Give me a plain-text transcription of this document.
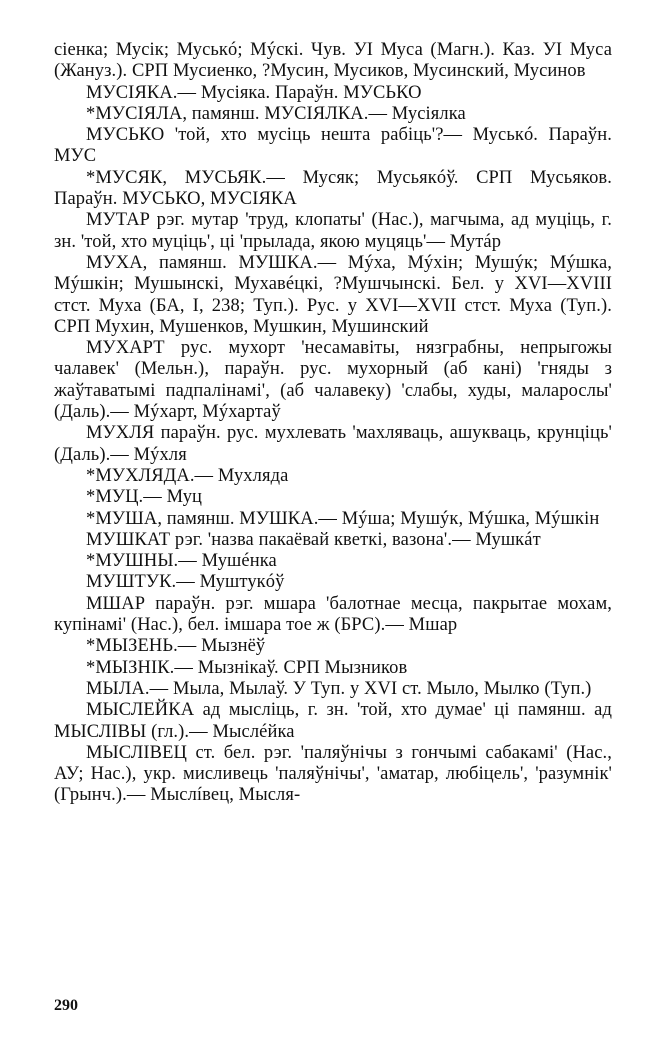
сіенка; Мусік; Муськó; Мýскі. Чув. УІ Муса (Магн.). Каз. УІ Муса (Жануз.). СРП Мусиенко, ?Мусин, Мусиков, Мусинский, Мусинов

МУСІЯКА.— Мусіяка. Параўн. МУСЬКО

*МУСІЯЛА, памянш. МУСІЯЛКА.— Мусіялка

МУСЬКО 'той, хто мусіць нешта рабіць'?— Муськó. Параўн. МУС

*МУСЯК, МУСЬЯК.— Мусяк; Мусьякóў. СРП Мусьяков. Параўн. МУСЬКО, МУСІЯКА

МУТАР рэг. мутар 'труд, клопаты' (Нас.), магчыма, ад муціць, г. зн. 'той, хто муціць', ці 'прылада, якою муцяць'— Мутáр

МУХА, памянш. МУШКА.— Мýха, Мýхін; Мушýк; Мýшка, Мýшкін; Мушынскі, Мухавéцкі, ?Мушчынскі. Бел. у XVI—XVIII стст. Муха (БА, I, 238; Туп.). Рус. у XVI—XVII стст. Муха (Туп.). СРП Мухин, Мушенков, Мушкин, Мушинский

МУХАРТ рус. мухорт 'несамавіты, нязграбны, непрыгожы чалавек' (Мельн.), параўн. рус. мухорный (аб кані) 'гняды з жаўтаватымі падпалінамі', (аб чалавеку) 'слабы, худы, маларослы' (Даль).— Мýхарт, Мýхартаў

МУХЛЯ параўн. рус. мухлевать 'махляваць, ашукваць, крунціць' (Даль).— Мýхля

*МУХЛЯДА.— Мухляда

*МУЦ.— Муц

*МУША, памянш. МУШКА.— Мýша; Мушýк, Мýшка, Мýшкін

МУШКАТ рэг. 'назва пакаёвай кветкі, вазона'.— Мушкáт

*МУШНЫ.— Мушéнка

МУШТУК.— Муштукóў

МШАР параўн. рэг. мшара 'балотнае месца, пакрытае мохам, купінамі' (Нас.), бел. імшара тое ж (БРС).— Мшар

*МЫЗЕНЬ.— Мызнёў

*МЫЗНІК.— Мызнікаў. СРП Мызников

МЫЛА.— Мыла, Мылаў. У Туп. у XVI ст. Мыло, Мылко (Туп.)

МЫСЛЕЙКА ад мысліць, г. зн. 'той, хто думае' ці памянш. ад МЫСЛІВЫ (гл.).— Мыслéйка

МЫСЛІВЕЦ ст. бел. рэг. 'паляўнічы з гончымі сабакамі' (Нас., АУ; Нас.), укр. мисливець 'паляўнічы', 'аматар, любіцель', 'разумнік' (Грынч.).— Мыслíвец, Мысля-

290
